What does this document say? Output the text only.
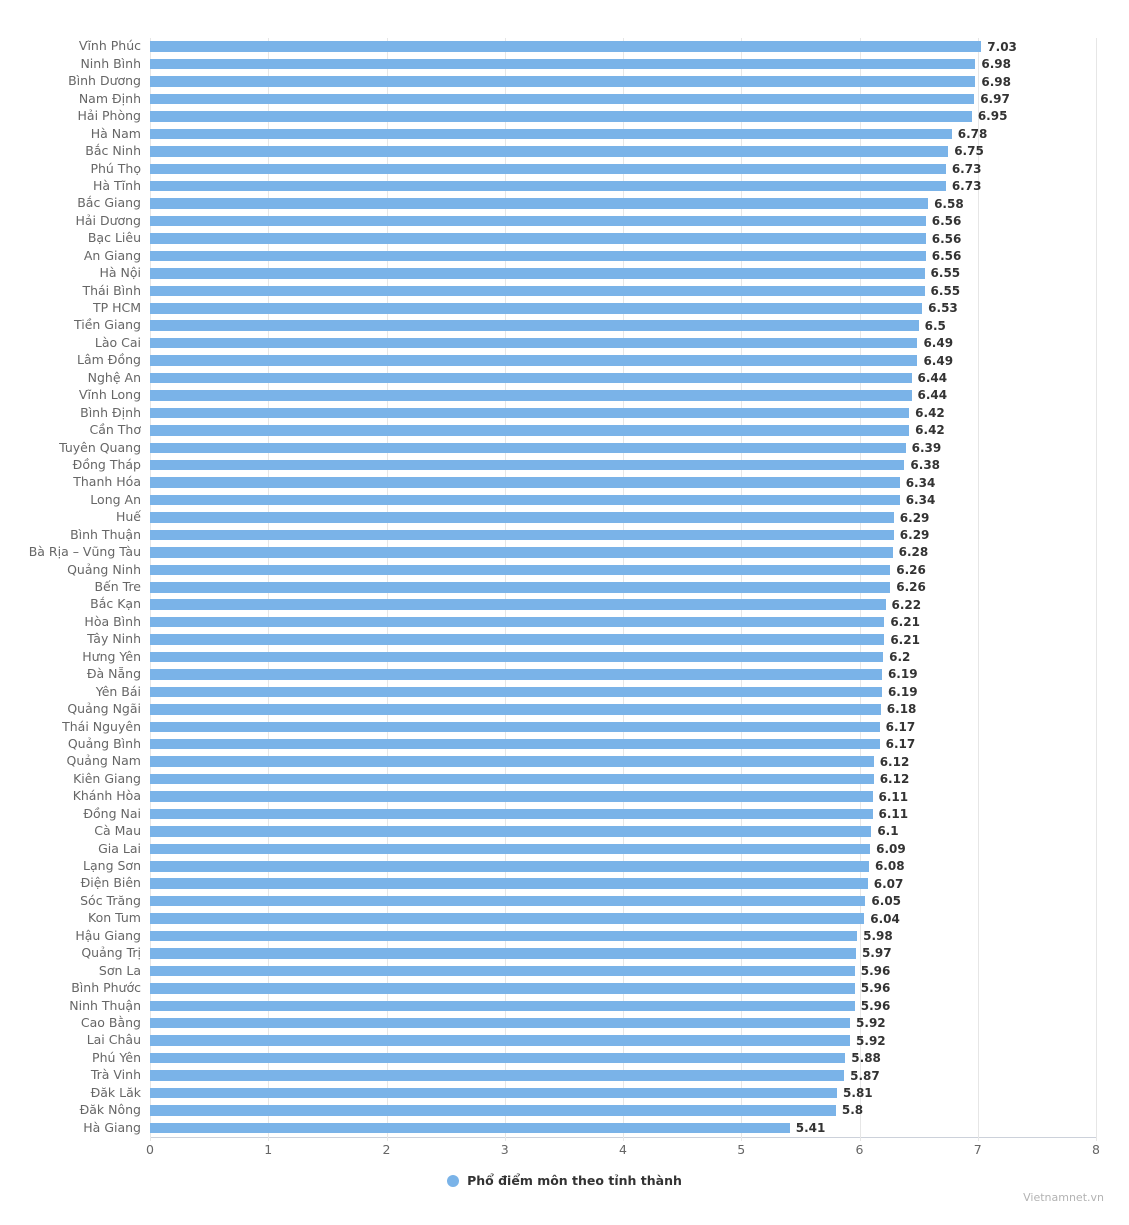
Vĩnh Phúc	7.03
Ninh Bình	6.98
Bình Dương	6.98
Nam Định	6.97
Hải Phòng	6.95
Hà Nam	6.78
Bắc Ninh	6.75
Phú Thọ	6.73
Hà Tĩnh	6.73
Bắc Giang	6.58
Hải Dương	6.56
Bạc Liêu	6.56
An Giang	6.56
Hà Nội	6.55
Thái Bình	6.55
TP HCM	6.53
Tiền Giang	6.5
Lào Cai	6.49
Lâm Đồng	6.49
Nghệ An	6.44
Vĩnh Long	6.44
Bình Định	6.42
Cần Thơ	6.42
Tuyên Quang	6.39
Đồng Tháp	6.38
Thanh Hóa	6.34
Long An	6.34
Huế	6.29
Bình Thuận	6.29
Bà Rịa – Vũng Tàu	6.28
Quảng Ninh	6.26
Bến Tre	6.26
Bắc Kạn	6.22
Hòa Bình	6.21
Tây Ninh	6.21
Hưng Yên	6.2
Đà Nẵng	6.19
Yên Bái	6.19
Quảng Ngãi	6.18
Thái Nguyên	6.17
Quảng Bình	6.17
Quảng Nam	6.12
Kiên Giang	6.12
Khánh Hòa	6.11
Đồng Nai	6.11
Cà Mau	6.1
Gia Lai	6.09
Lạng Sơn	6.08
Điện Biên	6.07
Sóc Trăng	6.05
Kon Tum	6.04
Hậu Giang	5.98
Quảng Trị	5.97
Sơn La	5.96
Bình Phước	5.96
Ninh Thuận	5.96
Cao Bằng	5.92
Lai Châu	5.92
Phú Yên	5.88
Trà Vinh	5.87
Đăk Lăk	5.81
Đăk Nông	5.8
Hà Giang	5.41
0	1	2	3	4	5	6	7	8
Phổ điểm môn theo tỉnh thành
Vietnamnet.vn
